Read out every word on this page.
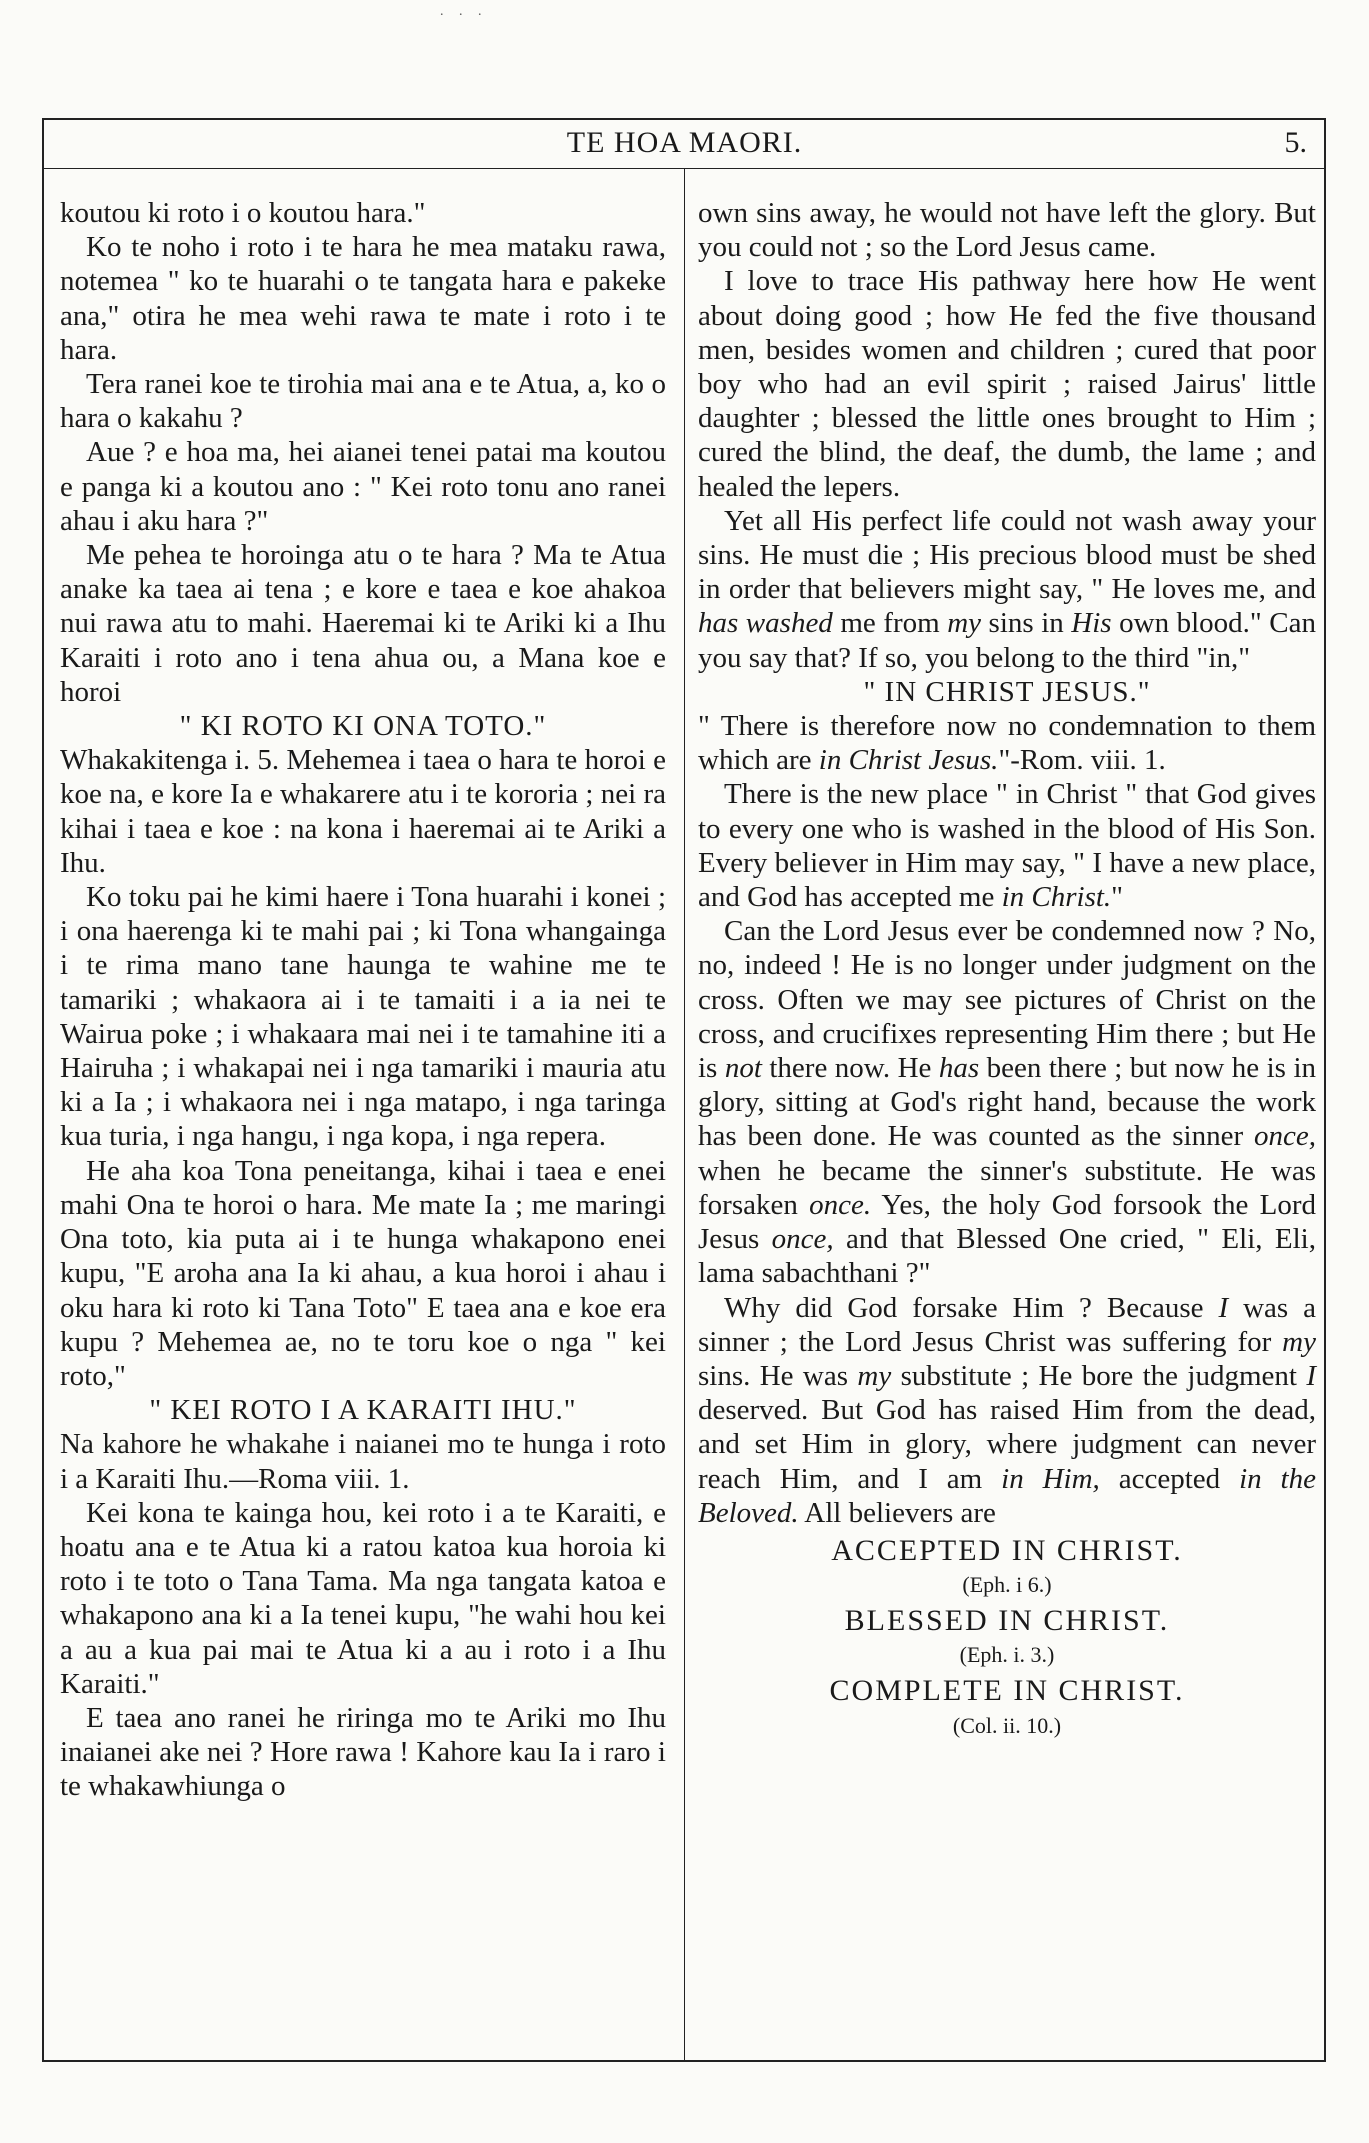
. . .
TE HOA MAORI.	5.

koutou ki roto i o koutou hara."

Ko te noho i roto i te hara he mea mataku rawa, notemea " ko te huarahi o te tangata hara e pakeke ana," otira he mea wehi rawa te mate i roto i te hara.

Tera ranei koe te tirohia mai ana e te Atua, a, ko o hara o kakahu ?

Aue ? e hoa ma, hei aianei tenei patai ma koutou e panga ki a koutou ano : " Kei roto tonu ano ranei ahau i aku hara ?"

Me pehea te horoinga atu o te hara ? Ma te Atua anake ka taea ai tena ; e kore e taea e koe ahakoa nui rawa atu to mahi. Haeremai ki te Ariki ki a Ihu Karaiti i roto ano i tena ahua ou, a Mana koe e horoi

" KI ROTO KI ONA TOTO."

Whakakitenga i. 5. Mehemea i taea o hara te horoi e koe na, e kore Ia e whakarere atu i te kororia ; nei ra kihai i taea e koe : na kona i haeremai ai te Ariki a Ihu.

Ko toku pai he kimi haere i Tona huarahi i konei ; i ona haerenga ki te mahi pai ; ki Tona whangainga i te rima mano tane haunga te wahine me te tamariki ; whakaora ai i te tamaiti i a ia nei te Wairua poke ; i whakaara mai nei i te tamahine iti a Hairuha ; i whakapai nei i nga tamariki i mauria atu ki a Ia ; i whakaora nei i nga matapo, i nga taringa kua turia, i nga hangu, i nga kopa, i nga repera.

He aha koa Tona peneitanga, kihai i taea e enei mahi Ona te horoi o hara. Me mate Ia ; me maringi Ona toto, kia puta ai i te hunga whakapono enei kupu, "E aroha ana Ia ki ahau, a kua horoi i ahau i oku hara ki roto ki Tana Toto" E taea ana e koe era kupu ? Mehemea ae, no te toru koe o nga " kei roto,"

" KEI ROTO I A KARAITI IHU."

Na kahore he whakahe i naianei mo te hunga i roto i a Karaiti Ihu.—Roma viii. 1.

Kei kona te kainga hou, kei roto i a te Karaiti, e hoatu ana e te Atua ki a ratou katoa kua horoia ki roto i te toto o Tana Tama. Ma nga tangata katoa e whakapono ana ki a Ia tenei kupu, "he wahi hou kei a au a kua pai mai te Atua ki a au i roto i a Ihu Karaiti."

E taea ano ranei he riringa mo te Ariki mo Ihu inaianei ake nei ? Hore rawa ! Kahore kau Ia i raro i te whakawhiunga o

own sins away, he would not have left the glory. But you could not ; so the Lord Jesus came.

I love to trace His pathway here how He went about doing good ; how He fed the five thousand men, besides women and children ; cured that poor boy who had an evil spirit ; raised Jairus' little daughter ; blessed the little ones brought to Him ; cured the blind, the deaf, the dumb, the lame ; and healed the lepers.

Yet all His perfect life could not wash away your sins. He must die ; His precious blood must be shed in order that believers might say, " He loves me, and has washed me from my sins in His own blood." Can you say that? If so, you belong to the third "in,"

" IN CHRIST JESUS."

" There is therefore now no condemnation to them which are in Christ Jesus."-Rom. viii. 1.

There is the new place " in Christ " that God gives to every one who is washed in the blood of His Son. Every believer in Him may say, " I have a new place, and God has accepted me in Christ."

Can the Lord Jesus ever be condemned now ? No, no, indeed ! He is no longer under judgment on the cross. Often we may see pictures of Christ on the cross, and crucifixes representing Him there ; but He is not there now. He has been there ; but now he is in glory, sitting at God's right hand, because the work has been done. He was counted as the sinner once, when he became the sinner's substitute. He was forsaken once. Yes, the holy God forsook the Lord Jesus once, and that Blessed One cried, " Eli, Eli, lama sabachthani ?"

Why did God forsake Him ? Because I was a sinner ; the Lord Jesus Christ was suffering for my sins. He was my substitute ; He bore the judgment I deserved. But God has raised Him from the dead, and set Him in glory, where judgment can never reach Him, and I am in Him, accepted in the Beloved. All believers are

ACCEPTED IN CHRIST.
(Eph. i 6.)
BLESSED IN CHRIST.
(Eph. i. 3.)
COMPLETE IN CHRIST.
(Col. ii. 10.)
